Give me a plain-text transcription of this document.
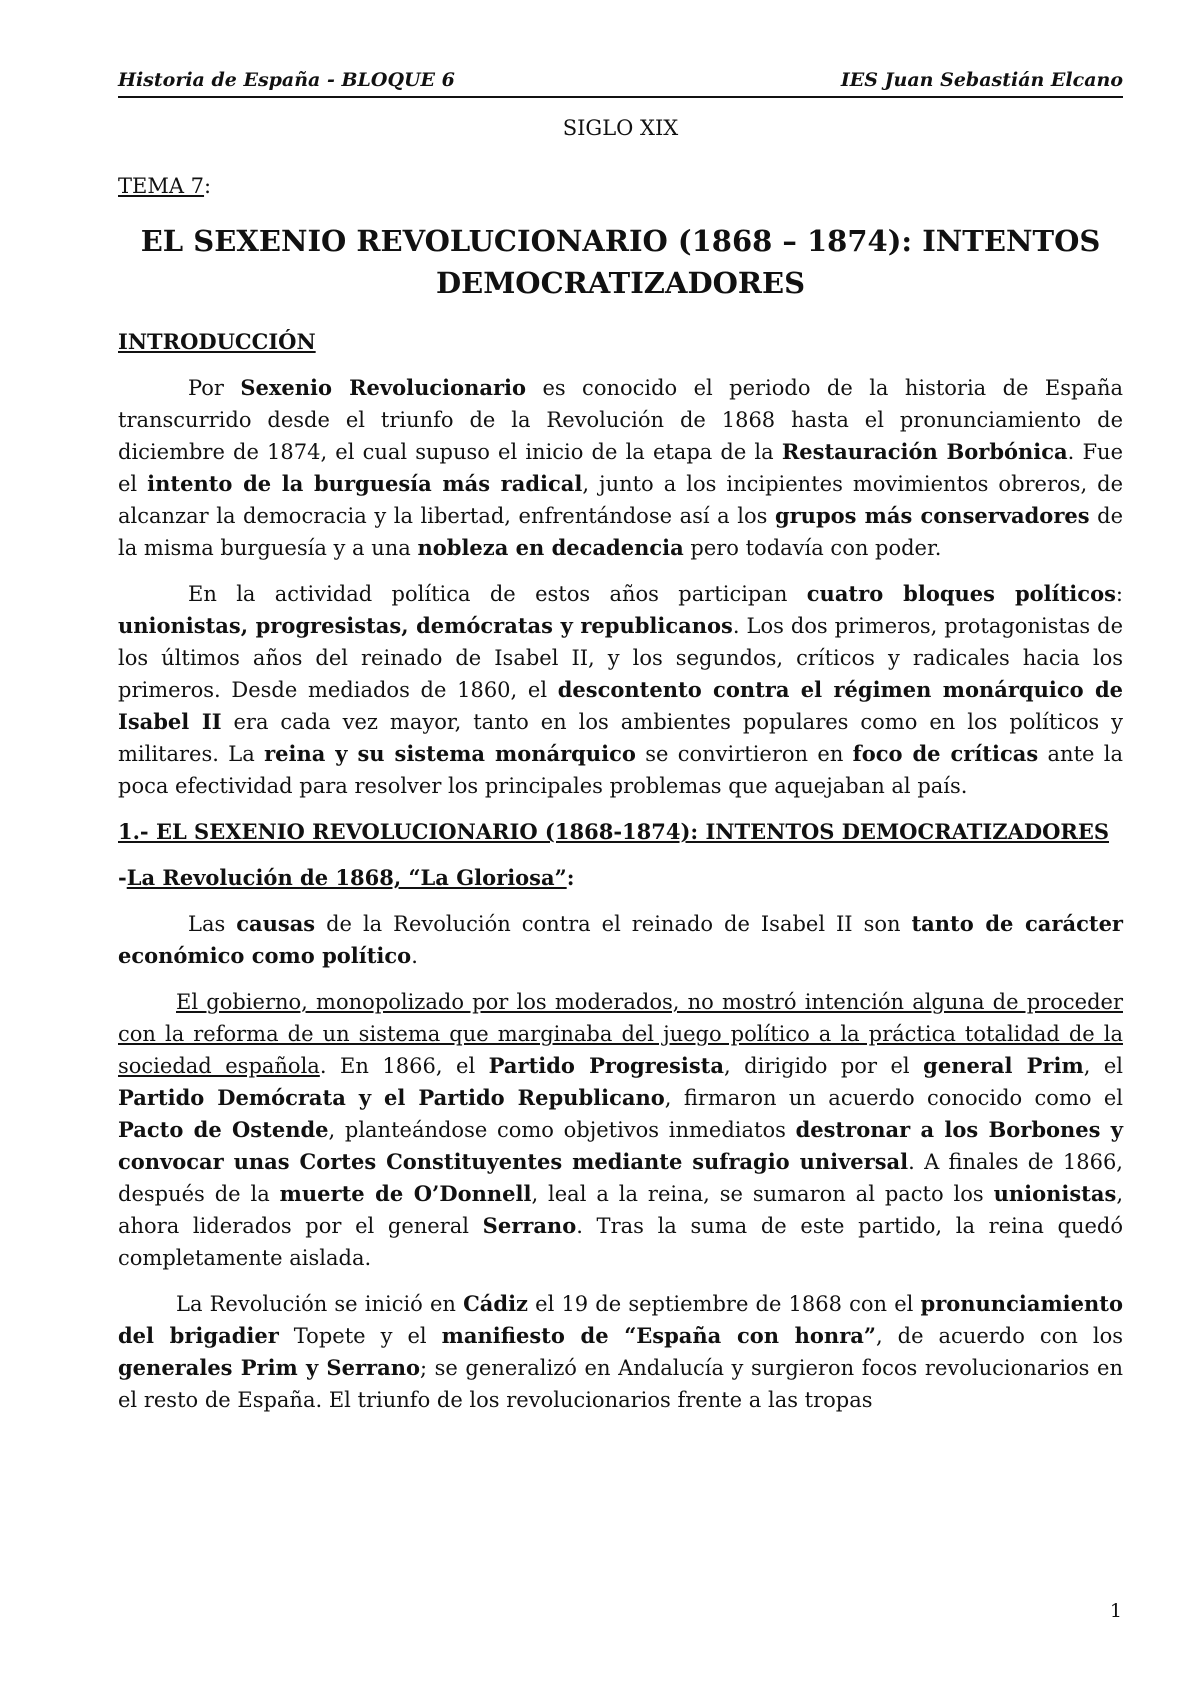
Historia de España - BLOQUE 6	IES Juan Sebastián Elcano
SIGLO XIX
TEMA 7:
EL SEXENIO REVOLUCIONARIO (1868 – 1874): INTENTOS
DEMOCRATIZADORES
INTRODUCCIÓN

Por Sexenio Revolucionario es conocido el periodo de la historia de España transcurrido desde el triunfo de la Revolución de 1868 hasta el pronunciamiento de diciembre de 1874, el cual supuso el inicio de la etapa de la Restauración Borbónica. Fue el intento de la burguesía más radical, junto a los incipientes movimientos obreros, de alcanzar la democracia y la libertad, enfrentándose así a los grupos más conservadores de la misma burguesía y a una nobleza en decadencia pero todavía con poder.

En la actividad política de estos años participan cuatro bloques políticos: unionistas, progresistas, demócratas y republicanos. Los dos primeros, protagonistas de los últimos años del reinado de Isabel II, y los segundos, críticos y radicales hacia los primeros. Desde mediados de 1860, el descontento contra el régimen monárquico de Isabel II era cada vez mayor, tanto en los ambientes populares como en los políticos y militares. La reina y su sistema monárquico se convirtieron en foco de críticas ante la poca efectividad para resolver los principales problemas que aquejaban al país.

1.- EL SEXENIO REVOLUCIONARIO (1868-1874): INTENTOS DEMOCRATIZADORES
-La Revolución de 1868, “La Gloriosa”:

Las causas de la Revolución contra el reinado de Isabel II son tanto de carácter económico como político.

El gobierno, monopolizado por los moderados, no mostró intención alguna de proceder con la reforma de un sistema que marginaba del juego político a la práctica totalidad de la sociedad española. En 1866, el Partido Progresista, dirigido por el general Prim, el Partido Demócrata y el Partido Republicano, firmaron un acuerdo conocido como el Pacto de Ostende, planteándose como objetivos inmediatos destronar a los Borbones y convocar unas Cortes Constituyentes mediante sufragio universal. A finales de 1866, después de la muerte de O’Donnell, leal a la reina, se sumaron al pacto los unionistas, ahora liderados por el general Serrano. Tras la suma de este partido, la reina quedó completamente aislada.

La Revolución se inició en Cádiz el 19 de septiembre de 1868 con el pronunciamiento del brigadier Topete y el manifiesto de “España con honra”, de acuerdo con los generales Prim y Serrano; se generalizó en Andalucía y surgieron focos revolucionarios en el resto de España. El triunfo de los revolucionarios frente a las tropas

1
